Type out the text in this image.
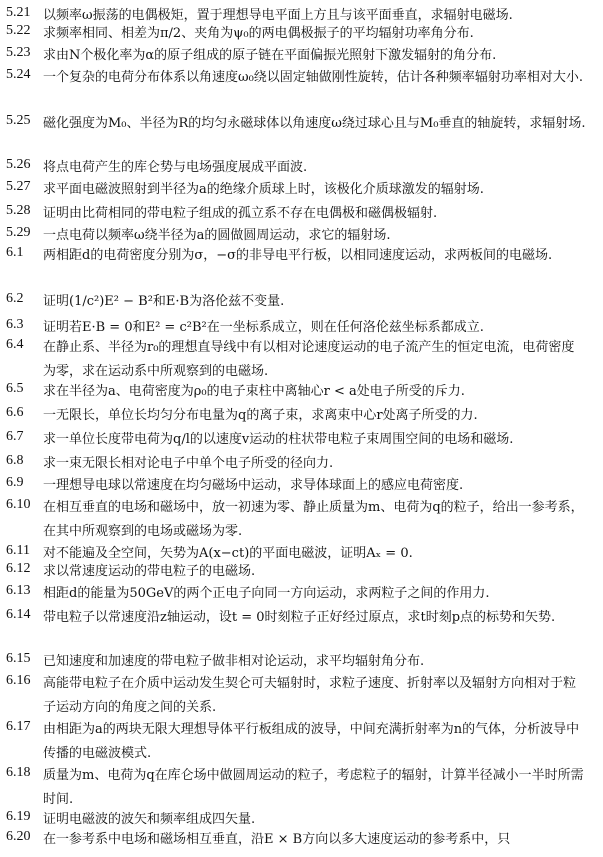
5.21 以频率ω振荡的电偶极矩，置于理想导电平面上方且与该平面垂直，求辐射电磁场.
5.22 求频率相同、相差为π/2、夹角为ψ₀的两电偶极振子的平均辐射功率角分布.
5.23 求由N个极化率为α的原子组成的原子链在平面偏振光照射下激发辐射的角分布.
5.24 一个复杂的电荷分布体系以角速度ω₀绕以固定轴做刚性旋转，估计各种频率辐射功率相对大小.
5.25 磁化强度为M₀、半径为R的均匀永磁球体以角速度ω绕过球心且与M₀垂直的轴旋转，求辐射场.
5.26 将点电荷产生的库仑势与电场强度展成平面波.
5.27 求平面电磁波照射到半径为a的绝缘介质球上时，该极化介质球激发的辐射场.
5.28 证明由比荷相同的带电粒子组成的孤立系不存在电偶极和磁偶极辐射.
5.29 一点电荷以频率ω绕半径为a的圆做圆周运动，求它的辐射场.
6.1	两相距d的电荷密度分别为σ，−σ的非导电平行板，以相同速度运动，求两板间的电磁场.
6.2	证明(1/c²)E² − B²和E·B为洛伦兹不变量.
6.3	证明若E·B = 0和E² = c²B²在一坐标系成立，则在任何洛伦兹坐标系都成立.
6.4	在静止系、半径为r₀的理想直导线中有以相对论速度运动的电子流产生的恒定电流，电荷密度为零，求在运动系中所观察到的电磁场.
6.5	求在半径为a、电荷密度为ρ₀的电子束柱中离轴心r < a处电子所受的斥力.
6.6	一无限长，单位长均匀分布电量为q的离子束，求离束中心r处离子所受的力.
6.7	求一单位长度带电荷为q/l的以速度v运动的柱状带电粒子束周围空间的电场和磁场.
6.8	求一束无限长相对论电子中单个电子所受的径向力.
6.9	一理想导电球以常速度在均匀磁场中运动，求导体球面上的感应电荷密度.
6.10 在相互垂直的电场和磁场中，放一初速为零、静止质量为m、电荷为q的粒子，给出一参考系，在其中所观察到的电场或磁场为零.
6.11	对不能遍及全空间，矢势为A(x−ct)的平面电磁波，证明Aₓ = 0.
6.12 求以常速度运动的带电粒子的电磁场.
6.13 相距d的能量为50GeV的两个正电子向同一方向运动，求两粒子之间的作用力.
6.14 带电粒子以常速度沿z轴运动，设t = 0时刻粒子正好经过原点，求t时刻p点的标势和矢势.
6.15 已知速度和加速度的带电粒子做非相对论运动，求平均辐射角分布.
6.16 高能带电粒子在介质中运动发生契仑可夫辐射时，求粒子速度、折射率以及辐射方向相对于粒子运动方向的角度之间的关系.
6.17 由相距为a的两块无限大理想导体平行板组成的波导，中间充满折射率为n的气体，分析波导中传播的电磁波模式.
6.18 质量为m、电荷为q在库仑场中做圆周运动的粒子，考虑粒子的辐射，计算半径减小一半时所需时间.
6.19 证明电磁波的波矢和频率组成四矢量.
6.20 在一参考系中电场和磁场相互垂直，沿E × B方向以多大速度运动的参考系中，只
